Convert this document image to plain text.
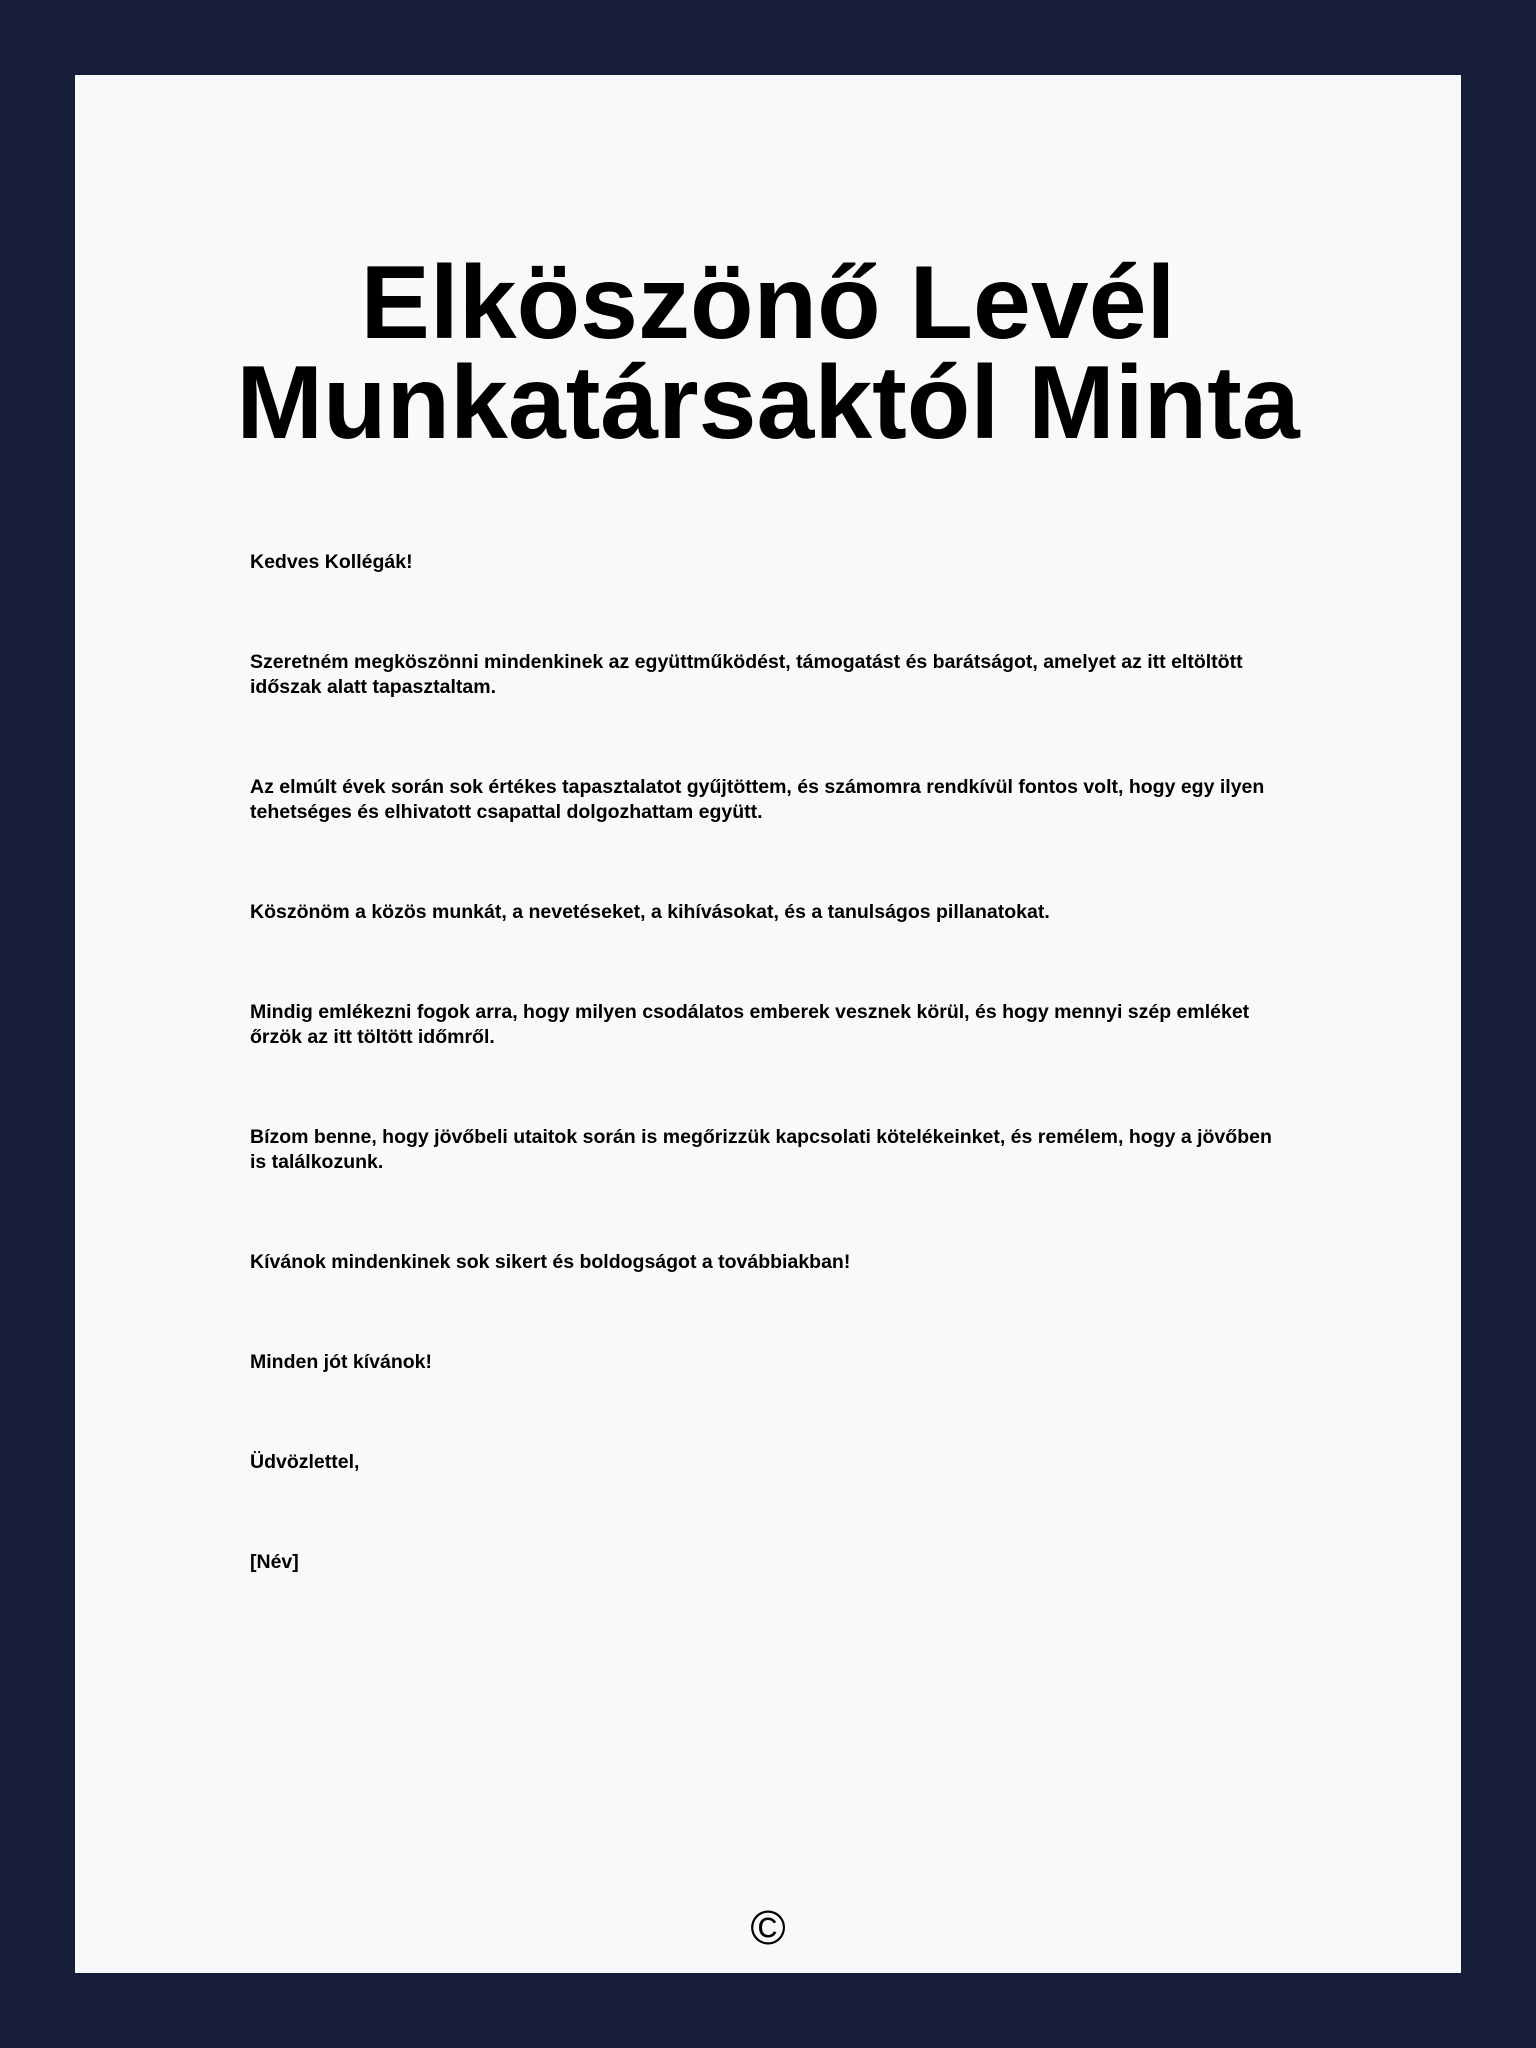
Elköszönő Levél
Munkatársaktól Minta

Kedves Kollégák!

Szeretném megköszönni mindenkinek az együttműködést, támogatást és barátságot, amelyet az itt eltöltött időszak alatt tapasztaltam.

Az elmúlt évek során sok értékes tapasztalatot gyűjtöttem, és számomra rendkívül fontos volt, hogy egy ilyen tehetséges és elhivatott csapattal dolgozhattam együtt.

Köszönöm a közös munkát, a nevetéseket, a kihívásokat, és a tanulságos pillanatokat.

Mindig emlékezni fogok arra, hogy milyen csodálatos emberek vesznek körül, és hogy mennyi szép emléket őrzök az itt töltött időmről.

Bízom benne, hogy jövőbeli utaitok során is megőrizzük kapcsolati kötelékeinket, és remélem, hogy a jövőben is találkozunk.

Kívánok mindenkinek sok sikert és boldogságot a továbbiakban!

Minden jót kívánok!

Üdvözlettel,

[Név]

©
